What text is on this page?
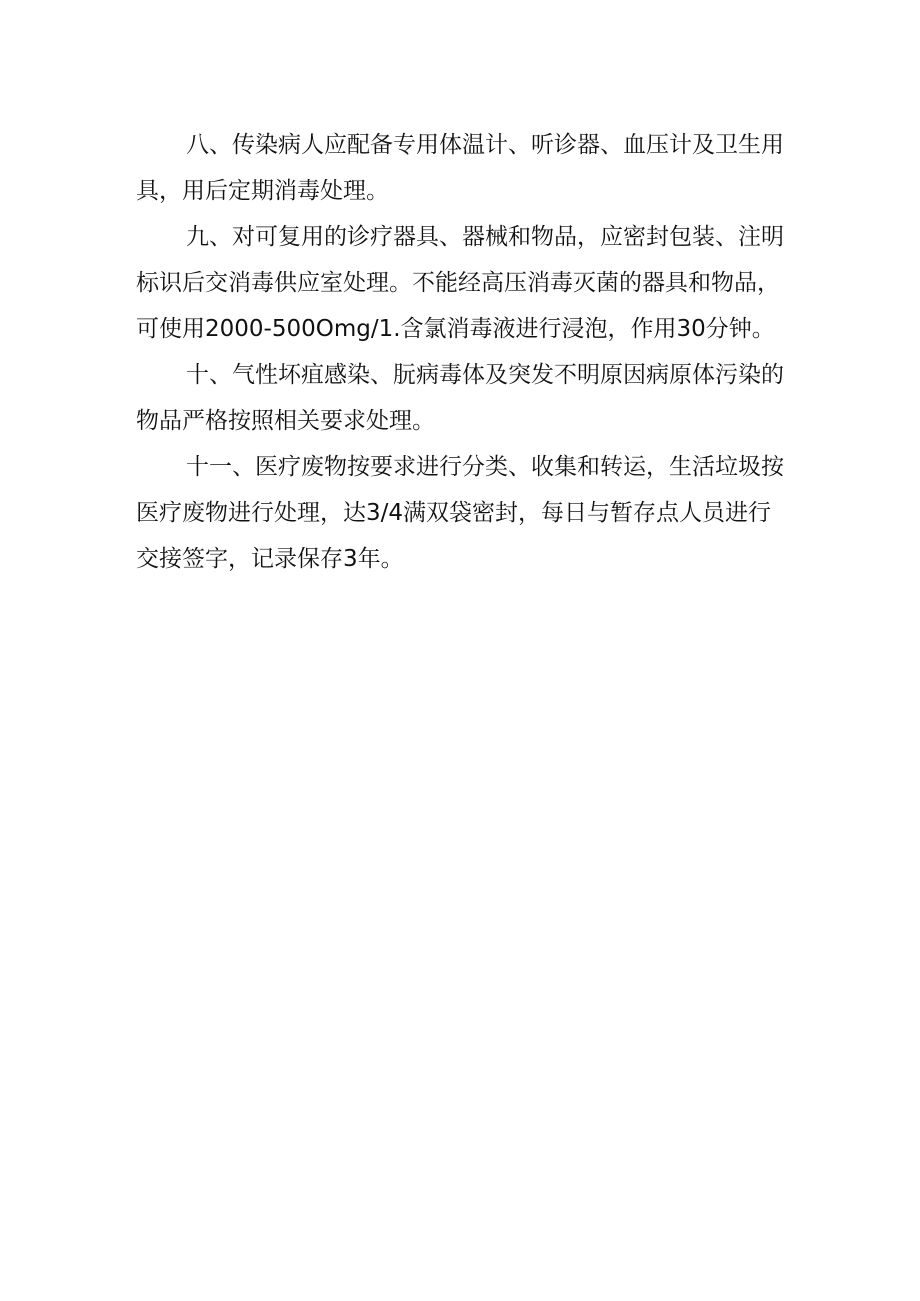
八、传染病人应配备专用体温计、听诊器、血压计及卫生用
具，用后定期消毒处理。

九、对可复用的诊疗器具、器械和物品，应密封包装、注明
标识后交消毒供应室处理。不能经高压消毒灭菌的器具和物品，
可使用2000-500Omg/1.含氯消毒液进行浸泡，作用30分钟。

十、气性坏疽感染、朊病毒体及突发不明原因病原体污染的
物品严格按照相关要求处理。

十一、医疗废物按要求进行分类、收集和转运，生活垃圾按
医疗废物进行处理，达3/4满双袋密封，每日与暂存点人员进行
交接签字，记录保存3年。
